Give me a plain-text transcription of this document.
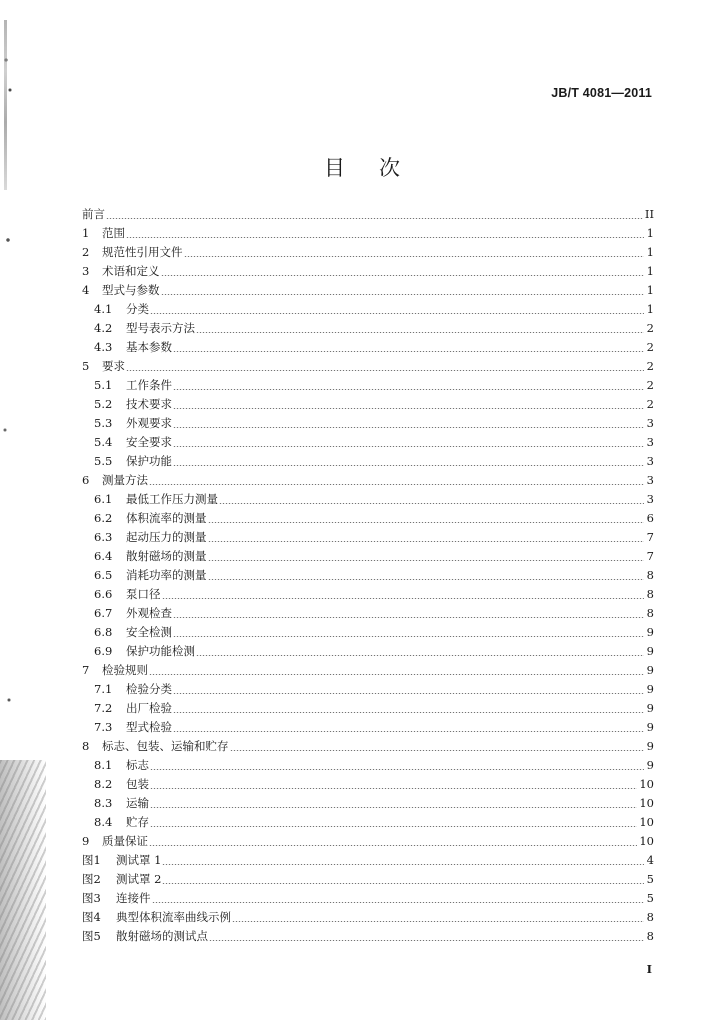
JB/T 4081—2011
目次
前言	II
1	范围	1
2	规范性引用文件	1
3	术语和定义	1
4	型式与参数	1
4.1	分类	1
4.2	型号表示方法	2
4.3	基本参数	2
5	要求	2
5.1	工作条件	2
5.2	技术要求	2
5.3	外观要求	3
5.4	安全要求	3
5.5	保护功能	3
6	测量方法	3
6.1	最低工作压力测量	3
6.2	体积流率的测量	6
6.3	起动压力的测量	7
6.4	散射磁场的测量	7
6.5	消耗功率的测量	8
6.6	泵口径	8
6.7	外观检查	8
6.8	安全检测	9
6.9	保护功能检测	9
7	检验规则	9
7.1	检验分类	9
7.2	出厂检验	9
7.3	型式检验	9
8	标志、包装、运输和贮存	9
8.1	标志	9
8.2	包装	10
8.3	运输	10
8.4	贮存	10
9	质量保证	10
图1	测试罩 1	4
图2	测试罩 2	5
图3	连接件	5
图4	典型体积流率曲线示例	8
图5	散射磁场的测试点	8
I
